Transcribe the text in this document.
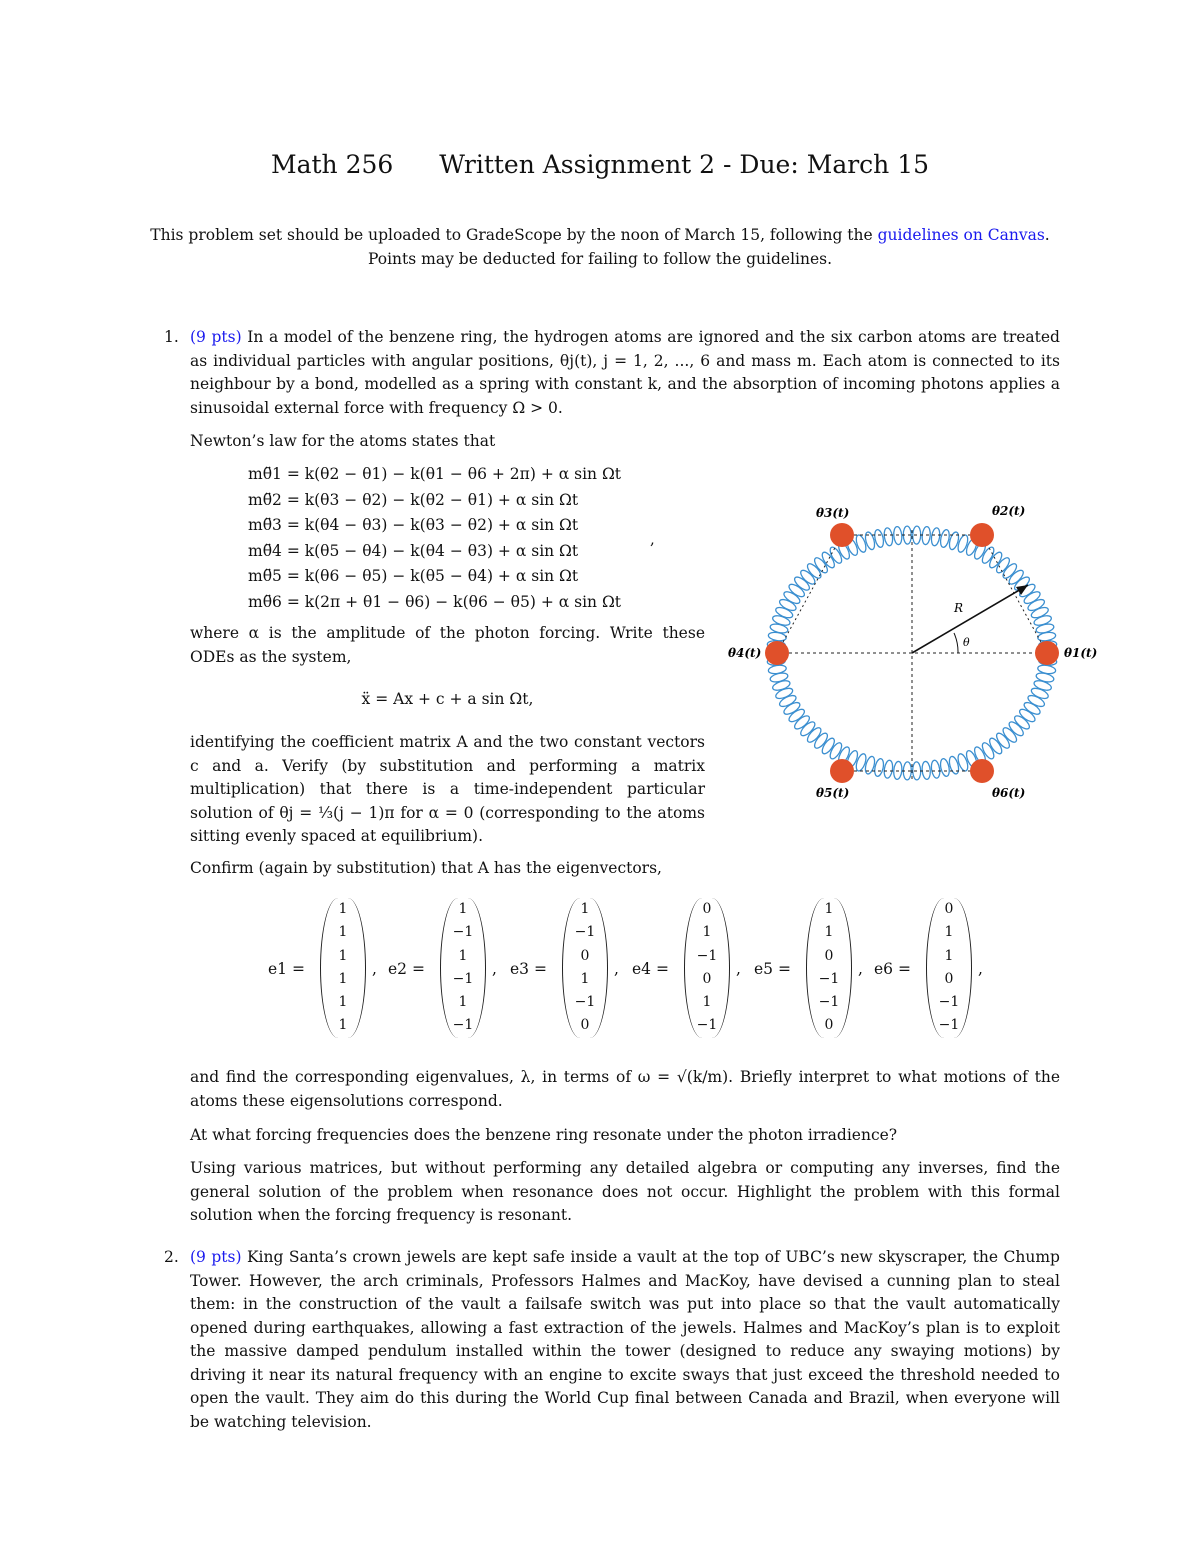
Math 256 Written Assignment 2 - Due: March 15
This problem set should be uploaded to GradeScope by the noon of March 15, following the guidelines on Canvas. Points may be deducted for failing to follow the guidelines.
1. (9 pts) In a model of the benzene ring, the hydrogen atoms are ignored and the six carbon atoms are treated as individual particles with angular positions, θj(t), j = 1, 2, ..., 6 and mass m. Each atom is connected to its neighbour by a bond, modelled as a spring with constant k, and the absorption of incoming photons applies a sinusoidal external force with frequency Ω > 0.
Newton’s law for the atoms states that
mθ̈1 = k(θ2 − θ1) − k(θ1 − θ6 + 2π) + α sin Ωt
mθ̈2 = k(θ3 − θ2) − k(θ2 − θ1) + α sin Ωt
mθ̈3 = k(θ4 − θ3) − k(θ3 − θ2) + α sin Ωt
mθ̈4 = k(θ5 − θ4) − k(θ4 − θ3) + α sin Ωt
mθ̈5 = k(θ6 − θ5) − k(θ5 − θ4) + α sin Ωt
mθ̈6 = k(2π + θ1 − θ6) − k(θ6 − θ5) + α sin Ωt
,
where α is the amplitude of the photon forcing. Write these ODEs as the system,
ẍ = Ax + c + a sin Ωt,
identifying the coefficient matrix A and the two constant vectors c and a. Verify (by substitution and performing a matrix multiplication) that there is a time-independent particular solution of θj = ⅓(j − 1)π for α = 0 (corresponding to the atoms sitting evenly spaced at equilibrium).
Confirm (again by substitution) that A has the eigenvectors,
e1 =
1
1
1
1
1
1
, e2 =
1
−1
1
−1
1
−1
, e3 =
1
−1
0
1
−1
0
, e4 =
0
1
−1
0
1
−1
, e5 =
1
1
0
−1
−1
0
, e6 =
0
1
1
0
−1
−1
,
and find the corresponding eigenvalues, λ, in terms of ω = √(k/m). Briefly interpret to what motions of the atoms these eigensolutions correspond.
At what forcing frequencies does the benzene ring resonate under the photon irradience?
Using various matrices, but without performing any detailed algebra or computing any inverses, find the general solution of the problem when resonance does not occur. Highlight the problem with this formal solution when the forcing frequency is resonant.
2. (9 pts) King Santa’s crown jewels are kept safe inside a vault at the top of UBC’s new skyscraper, the Chump Tower. However, the arch criminals, Professors Halmes and MacKoy, have devised a cunning plan to steal them: in the construction of the vault a failsafe switch was put into place so that the vault automatically opened during earthquakes, allowing a fast extraction of the jewels. Halmes and MacKoy’s plan is to exploit the massive damped pendulum installed within the tower (designed to reduce any swaying motions) by driving it near its natural frequency with an engine to excite sways that just exceed the threshold needed to open the vault. They aim do this during the World Cup final between Canada and Brazil, when everyone will be watching television.
R
θ
θ1(t)
θ2(t)
θ3(t)
θ4(t)
θ5(t)	θ6(t)
